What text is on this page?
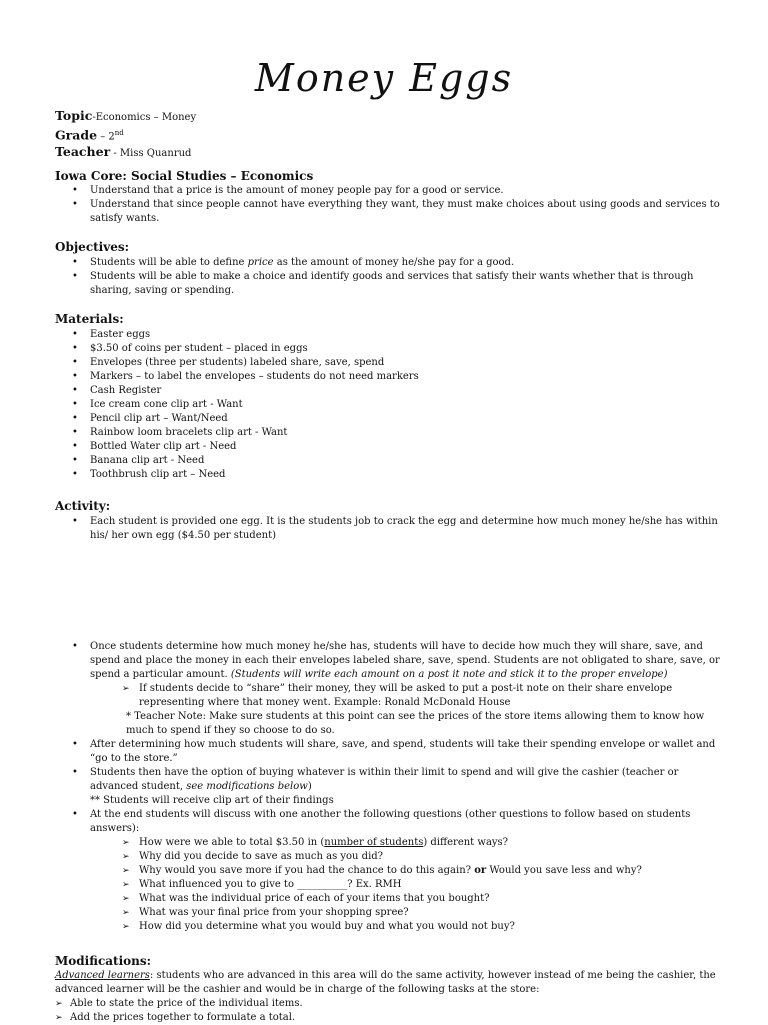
Money Eggs
Topic-Economics – Money
Grade – 2nd
Teacher - Miss Quanrud
Iowa Core: Social Studies – Economics
• Understand that a price is the amount of money people pay for a good or service.
• Understand that since people cannot have everything they want, they must make choices about using goods and services to satisfy wants.
Objectives:
• Students will be able to define price as the amount of money he/she pay for a good.
• Students will be able to make a choice and identify goods and services that satisfy their wants whether that is through sharing, saving or spending.
Materials:
• Easter eggs
• $3.50 of coins per student – placed in eggs
• Envelopes (three per students) labeled share, save, spend
• Markers – to label the envelopes – students do not need markers
• Cash Register
• Ice cream cone clip art - Want
• Pencil clip art – Want/Need
• Rainbow loom bracelets clip art - Want
• Bottled Water clip art - Need
• Banana clip art - Need
• Toothbrush clip art – Need
Activity:
• Each student is provided one egg. It is the students job to crack the egg and determine how much money he/she has within his/ her own egg ($4.50 per student)
• Once students determine how much money he/she has, students will have to decide how much they will share, save, and spend and place the money in each their envelopes labeled share, save, spend. Students are not obligated to share, save, or spend a particular amount. (Students will write each amount on a post it note and stick it to the proper envelope)
➢ If students decide to “share” their money, they will be asked to put a post-it note on their share envelope representing where that money went. Example: Ronald McDonald House
* Teacher Note: Make sure students at this point can see the prices of the store items allowing them to know how much to spend if they so choose to do so.
• After determining how much students will share, save, and spend, students will take their spending envelope or wallet and “go to the store.”
• Students then have the option of buying whatever is within their limit to spend and will give the cashier (teacher or advanced student, see modifications below)
** Students will receive clip art of their findings
• At the end students will discuss with one another the following questions (other questions to follow based on students answers):
➢ How were we able to total $3.50 in (number of students) different ways?
➢ Why did you decide to save as much as you did?
➢ Why would you save more if you had the chance to do this again? or Would you save less and why?
➢ What influenced you to give to __________? Ex. RMH
➢ What was the individual price of each of your items that you bought?
➢ What was your final price from your shopping spree?
➢ How did you determine what you would buy and what you would not buy?
Modifications:
Advanced learners: students who are advanced in this area will do the same activity, however instead of me being the cashier, the advanced learner will be the cashier and would be in charge of the following tasks at the store:
➢ Able to state the price of the individual items.
➢ Add the prices together to formulate a total.
